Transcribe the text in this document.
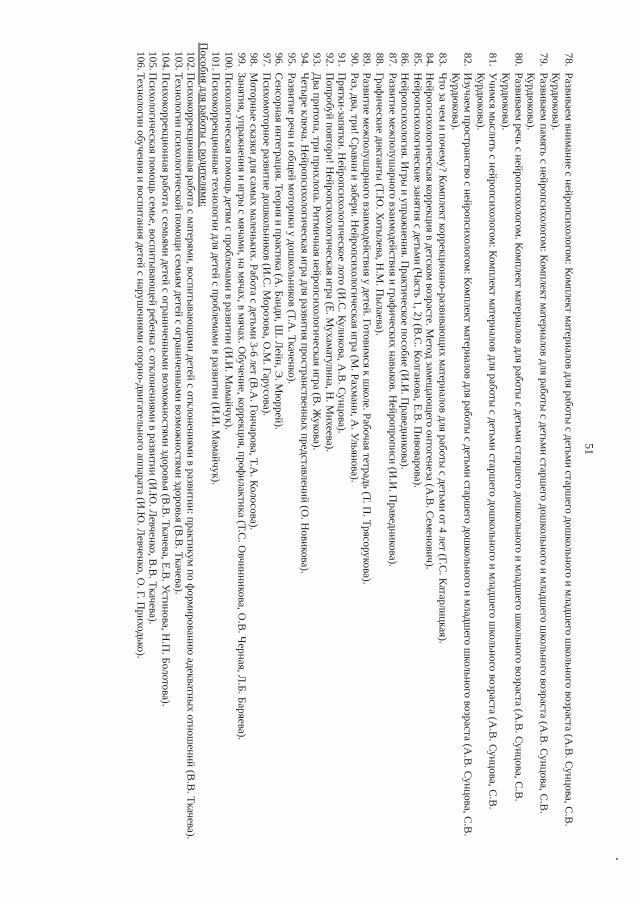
51
78.
Развиваем внимание с нейропсихологом: Комплект материалов для работы с детьми старшего дошкольного и младшего школьного возраста (А.В. Сунцова, С.В. Курдюкова).
79.
Развиваем память с нейропсихологом: Комплект материалов для работы с детьми старшего дошкольного и младшего школьного возраста (А.В. Сунцова, С.В. Курдюкова).
80.
Развиваем речь с нейропсихологом. Комплект материалов для работы с детьми старшего дошкольного и младшего школьного возраста (А.В. Сунцова, С.В. Курдюкова).
81.
Учимся мыслить с нейропсихологом: Комплект материалов для работы с детьми старшего дошкольного и младшего школьного возраста (А.В. Сунцова, С.В. Курдюкова).
82.
Изучаем пространство с нейропсихологом: Комплект материалов для работы с детьми старшего дошкольного и младшего школьного возраста (А.В. Сунцова, С.В. Курдюкова).
83.
Что за чем и почему? Комплект коррекционно-развивающих материалов для работы с детьми от 4 лет (Г.С. Катарлицкая).
84.
Нейропсихологическая коррекция в детском возрасте. Метод замещающего онтогенеза (А.В. Семенович).
85.
Нейропсихологические занятия с детьми (Часть 1, 2) (В.С. Колганова, Е.В. Пивоварова).
86.
Нейропсихология. Игры и упражнения. Практическое пособие (И.И. Праведникова).
87.
Развитие межполушарного взаимодействия и графических навыков. Нейропрописи (И.И. Праведникова).
88.
Графические диктанты (Т.Ю. Хотылева, Н.М. Пылаева).
89.
Развитие межполушарного взаимодействия у детей. Готовимся к школе. Рабочая тетрадь (Т. П. Трясорукова).
90.
Раз, два, три! Сравни и забери. Нейропсихологическая игра (М. Рахмани, А. Ульянова).
91.
Прятки-запятки. Нейропсихологическое лото (И.С. Куликова, А.В. Сунцова).
92.
Попробуй повтори! Нейропсихологическая игра (Е. Мухаматулина, Н. Михеева).
93.
Два притопа, три прихлопа. Ритмичная нейропсихологическая игра (В. Жукова).
94.
Четыре ключа. Нейропсихологическая игра для развития пространственных представлений (О. Новикова).
95.
Развитие речи и общей моторики у дошкольников (Т.А. Ткаченко).
96.
Сенсорная интеграция. Теория и практика (А. Банди, Ш. Лейн, Э. Мюррей).
97.
Психомоторное развитие дошкольников (И.С. Морозова, О.М. Гарусова).
98.
Моторные сказки для самых маленьких. Работа с детьми 3-6 лет (В.А. Гончарова, Т.А. Колосова).
99.
Занятия, упражнения и игры с мячами, на мячах, в мячах. Обучение, коррекция, профилактика (Т.С. Овчинникова, О.В. Черная, Л.Б. Баряева).
100.
Психологическая помощь детям с проблемами в развитии (И.И. Мамайчук).
101.
Психокоррекционные технологии для детей с проблемами в развитии (И.И. Мамайчук).
Пособия для работы с родителями:
102.
Психокоррекционная работа с матерями, воспитывающими детей с отклонениями в развитии: практикум по формированию адекватных отношений (В.В. Ткачева).
103.
Технологии психологической помощи семьям детей с ограниченными возможностями здоровья (В.В. Ткачева).
104.
Психокоррекционная работа с семьями детей с ограниченными возможностями здоровья (В.В. Ткачева, Е.В. Устинова, Н.П. Болотова).
105.
Психологическая помощь семье, воспитывающей ребенка с отклонениями в развитии (И.Ю. Левченко, В.В. Ткачева).
106.
Технологии обучения и воспитания детей с нарушениями опорно-двигательного аппарата (И.Ю. Левченко, О. Г. Приходько).
